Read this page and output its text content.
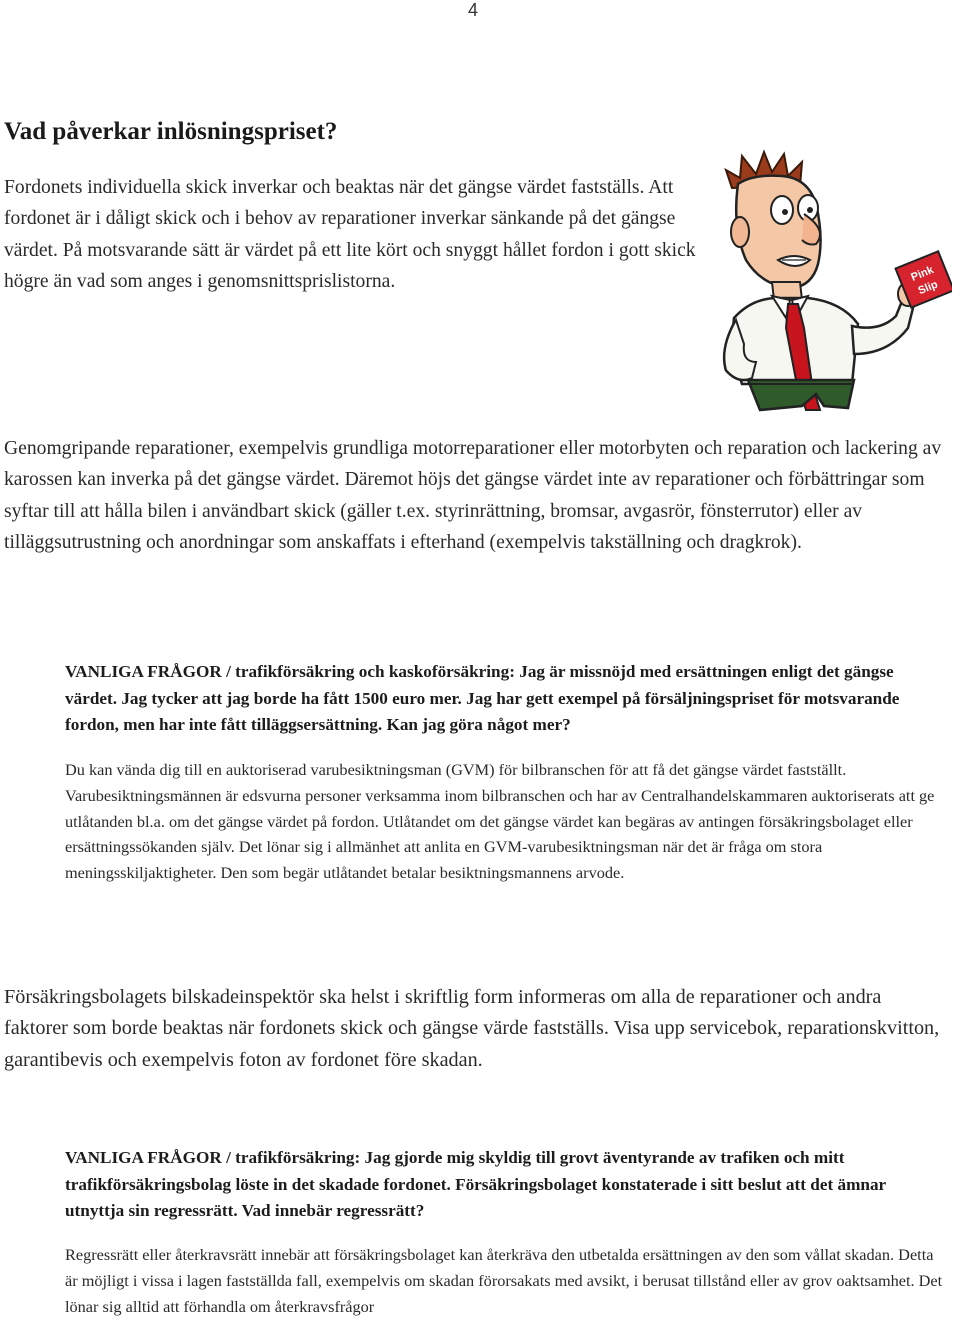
4
Vad påverkar inlösningspriset?

Fordonets individuella skick inverkar och beaktas när det gängse värdet fastställs. Att fordonet är i dåligt skick och i behov av reparationer inverkar sänkande på det gängse värdet. På motsvarande sätt är värdet på ett lite kört och snyggt hållet fordon i gott skick högre än vad som anges i genomsnittsprislistorna.	Pink
Slip

Genomgripande reparationer, exempelvis grundliga motorreparationer eller motorbyten och reparation och lackering av karossen kan inverka på det gängse värdet. Däremot höjs det gängse värdet inte av reparationer och förbättringar som syftar till att hålla bilen i användbart skick (gäller t.ex. styrinrättning, bromsar, avgasrör, fönsterrutor) eller av tilläggsutrustning och anordningar som anskaffats i efterhand (exempelvis takställning och dragkrok).

VANLIGA FRÅGOR / trafikförsäkring och kaskoförsäkring: Jag är missnöjd med ersättningen enligt det gängse värdet. Jag tycker att jag borde ha fått 1500 euro mer. Jag har gett exempel på försäljningspriset för motsvarande fordon, men har inte fått tilläggsersättning. Kan jag göra något mer?

Du kan vända dig till en auktoriserad varubesiktningsman (GVM) för bilbranschen för att få det gängse värdet fastställt. Varubesiktningsmännen är edsvurna personer verksamma inom bilbranschen och har av Centralhandelskammaren auktoriserats att ge utlåtanden bl.a. om det gängse värdet på fordon. Utlåtandet om det gängse värdet kan begäras av antingen försäkringsbolaget eller ersättningssökanden själv. Det lönar sig i allmänhet att anlita en GVM-varubesiktningsman när det är fråga om stora meningsskiljaktigheter. Den som begär utlåtandet betalar besiktningsmannens arvode.

Försäkringsbolagets bilskadeinspektör ska helst i skriftlig form informeras om alla de reparationer och andra faktorer som borde beaktas när fordonets skick och gängse värde fastställs. Visa upp servicebok, reparationskvitton, garantibevis och exempelvis foton av fordonet före skadan.

VANLIGA FRÅGOR / trafikförsäkring: Jag gjorde mig skyldig till grovt äventyrande av trafiken och mitt trafikförsäkringsbolag löste in det skadade fordonet. Försäkringsbolaget konstaterade i sitt beslut att det ämnar utnyttja sin regressrätt. Vad innebär regressrätt?

Regressrätt eller återkravsrätt innebär att försäkringsbolaget kan återkräva den utbetalda ersättningen av den som vållat skadan. Detta är möjligt i vissa i lagen fastställda fall, exempelvis om skadan förorsakats med avsikt, i berusat tillstånd eller av grov oaktsamhet. Det lönar sig alltid att förhandla om återkravsfrågor
